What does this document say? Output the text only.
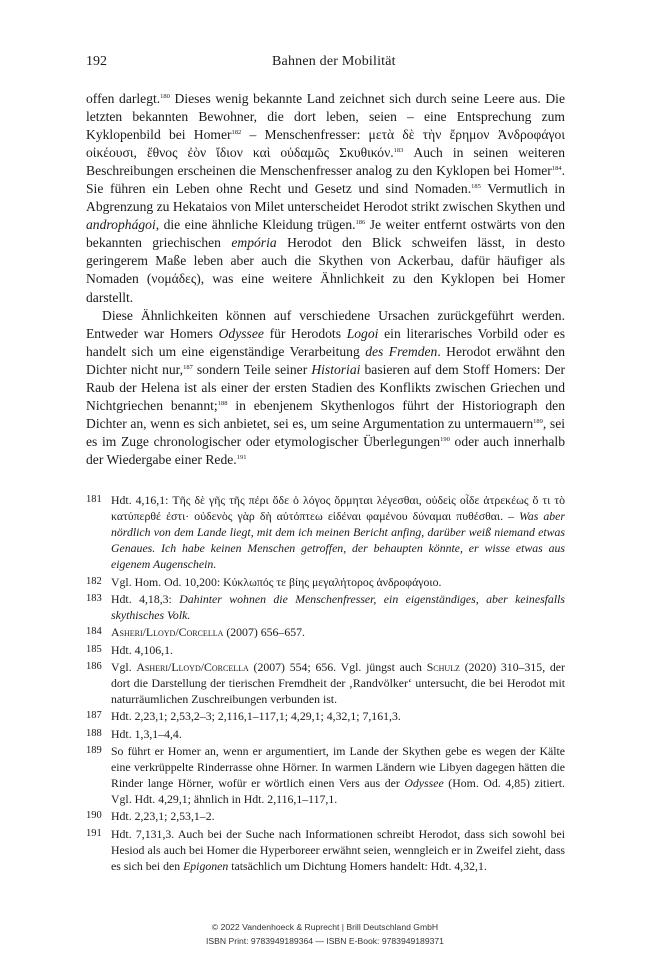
192	Bahnen der Mobilität

offen darlegt.$^{180}$ Dieses wenig bekannte Land zeichnet sich durch seine Leere aus. Die letzten bekannten Bewohner, die dort leben, seien – eine Entsprechung zum Kyklopenbild bei Homer$^{182}$ – Menschenfresser: μετὰ δὲ τὴν ἔρημον Ἀνδροφάγοι οἰκέουσι, ἔθνος ἐὸν ἴδιον καὶ οὐδαμῶς Σκυθικόν.$^{183}$ Auch in seinen weiteren Beschreibungen erscheinen die Menschenfresser analog zu den Kyklopen bei Homer$^{184}$. Sie führen ein Leben ohne Recht und Gesetz und sind Nomaden.$^{185}$ Vermutlich in Abgrenzung zu Hekataios von Milet unterscheidet Herodot strikt zwischen Skythen und androphágoi, die eine ähnliche Kleidung trügen.$^{186}$ Je weiter entfernt ostwärts von den bekannten griechischen empória Herodot den Blick schweifen lässt, in desto geringerem Maße leben aber auch die Skythen von Ackerbau, dafür häufiger als Nomaden (νομάδες), was eine weitere Ähnlichkeit zu den Kyklopen bei Homer darstellt.

Diese Ähnlichkeiten können auf verschiedene Ursachen zurückgeführt werden. Entweder war Homers Odyssee für Herodots Logoi ein literarisches Vorbild oder es handelt sich um eine eigenständige Verarbeitung des Fremden. Herodot erwähnt den Dichter nicht nur,$^{187}$ sondern Teile seiner Historiai basieren auf dem Stoff Homers: Der Raub der Helena ist als einer der ersten Stadien des Konflikts zwischen Griechen und Nichtgriechen benannt;$^{188}$ in ebenjenem Skythenlogos führt der Historiograph den Dichter an, wenn es sich anbietet, sei es, um seine Argumentation zu untermauern$^{189}$, sei es im Zuge chronologischer oder etymologischer Überlegungen$^{190}$ oder auch innerhalb der Wiedergabe einer Rede.$^{191}$

181 Hdt. 4,16,1: Τῆς δὲ γῆς τῆς πέρι ὅδε ὁ λόγος ὅρμηται λέγεσθαι, οὐδεὶς οἶδε ἀτρεκέως ὅ τι τὸ κατύπερθέ ἐστι· οὐδενὸς γὰρ δὴ αὐτόπτεω εἰδέναι φαμένου δύναμαι πυθέσθαι. – Was aber nördlich von dem Lande liegt, mit dem ich meinen Bericht anfing, darüber weiß niemand etwas Genaues. Ich habe keinen Menschen getroffen, der behaupten könnte, er wisse etwas aus eigenem Augenschein.
182 Vgl. Hom. Od. 10,200: Κύκλωπός τε βίης μεγαλήτορος ἀνδροφάγοιο.
183 Hdt. 4,18,3: Dahinter wohnen die Menschenfresser, ein eigenständiges, aber keinesfalls skythisches Volk.
184 Asheri/Lloyd/Corcella (2007) 656–657.
185 Hdt. 4,106,1.
186 Vgl. Asheri/Lloyd/Corcella (2007) 554; 656. Vgl. jüngst auch Schulz (2020) 310–315, der dort die Darstellung der tierischen Fremdheit der ‚Randvölker‘ untersucht, die bei Herodot mit naturräumlichen Zuschreibungen verbunden ist.
187 Hdt. 2,23,1; 2,53,2–3; 2,116,1–117,1; 4,29,1; 4,32,1; 7,161,3.
188 Hdt. 1,3,1–4,4.
189 So führt er Homer an, wenn er argumentiert, im Lande der Skythen gebe es wegen der Kälte eine verkrüppelte Rinderrasse ohne Hörner. In warmen Ländern wie Libyen dagegen hätten die Rinder lange Hörner, wofür er wörtlich einen Vers aus der Odyssee (Hom. Od. 4,85) zitiert. Vgl. Hdt. 4,29,1; ähnlich in Hdt. 2,116,1–117,1.
190 Hdt. 2,23,1; 2,53,1–2.
191 Hdt. 7,131,3. Auch bei der Suche nach Informationen schreibt Herodot, dass sich sowohl bei Hesiod als auch bei Homer die Hyperboreer erwähnt seien, wenngleich er in Zweifel zieht, dass es sich bei den Epigonen tatsächlich um Dichtung Homers handelt: Hdt. 4,32,1.
© 2022 Vandenhoeck & Ruprecht | Brill Deutschland GmbH
ISBN Print: 9783949189364 — ISBN E-Book: 9783949189371
